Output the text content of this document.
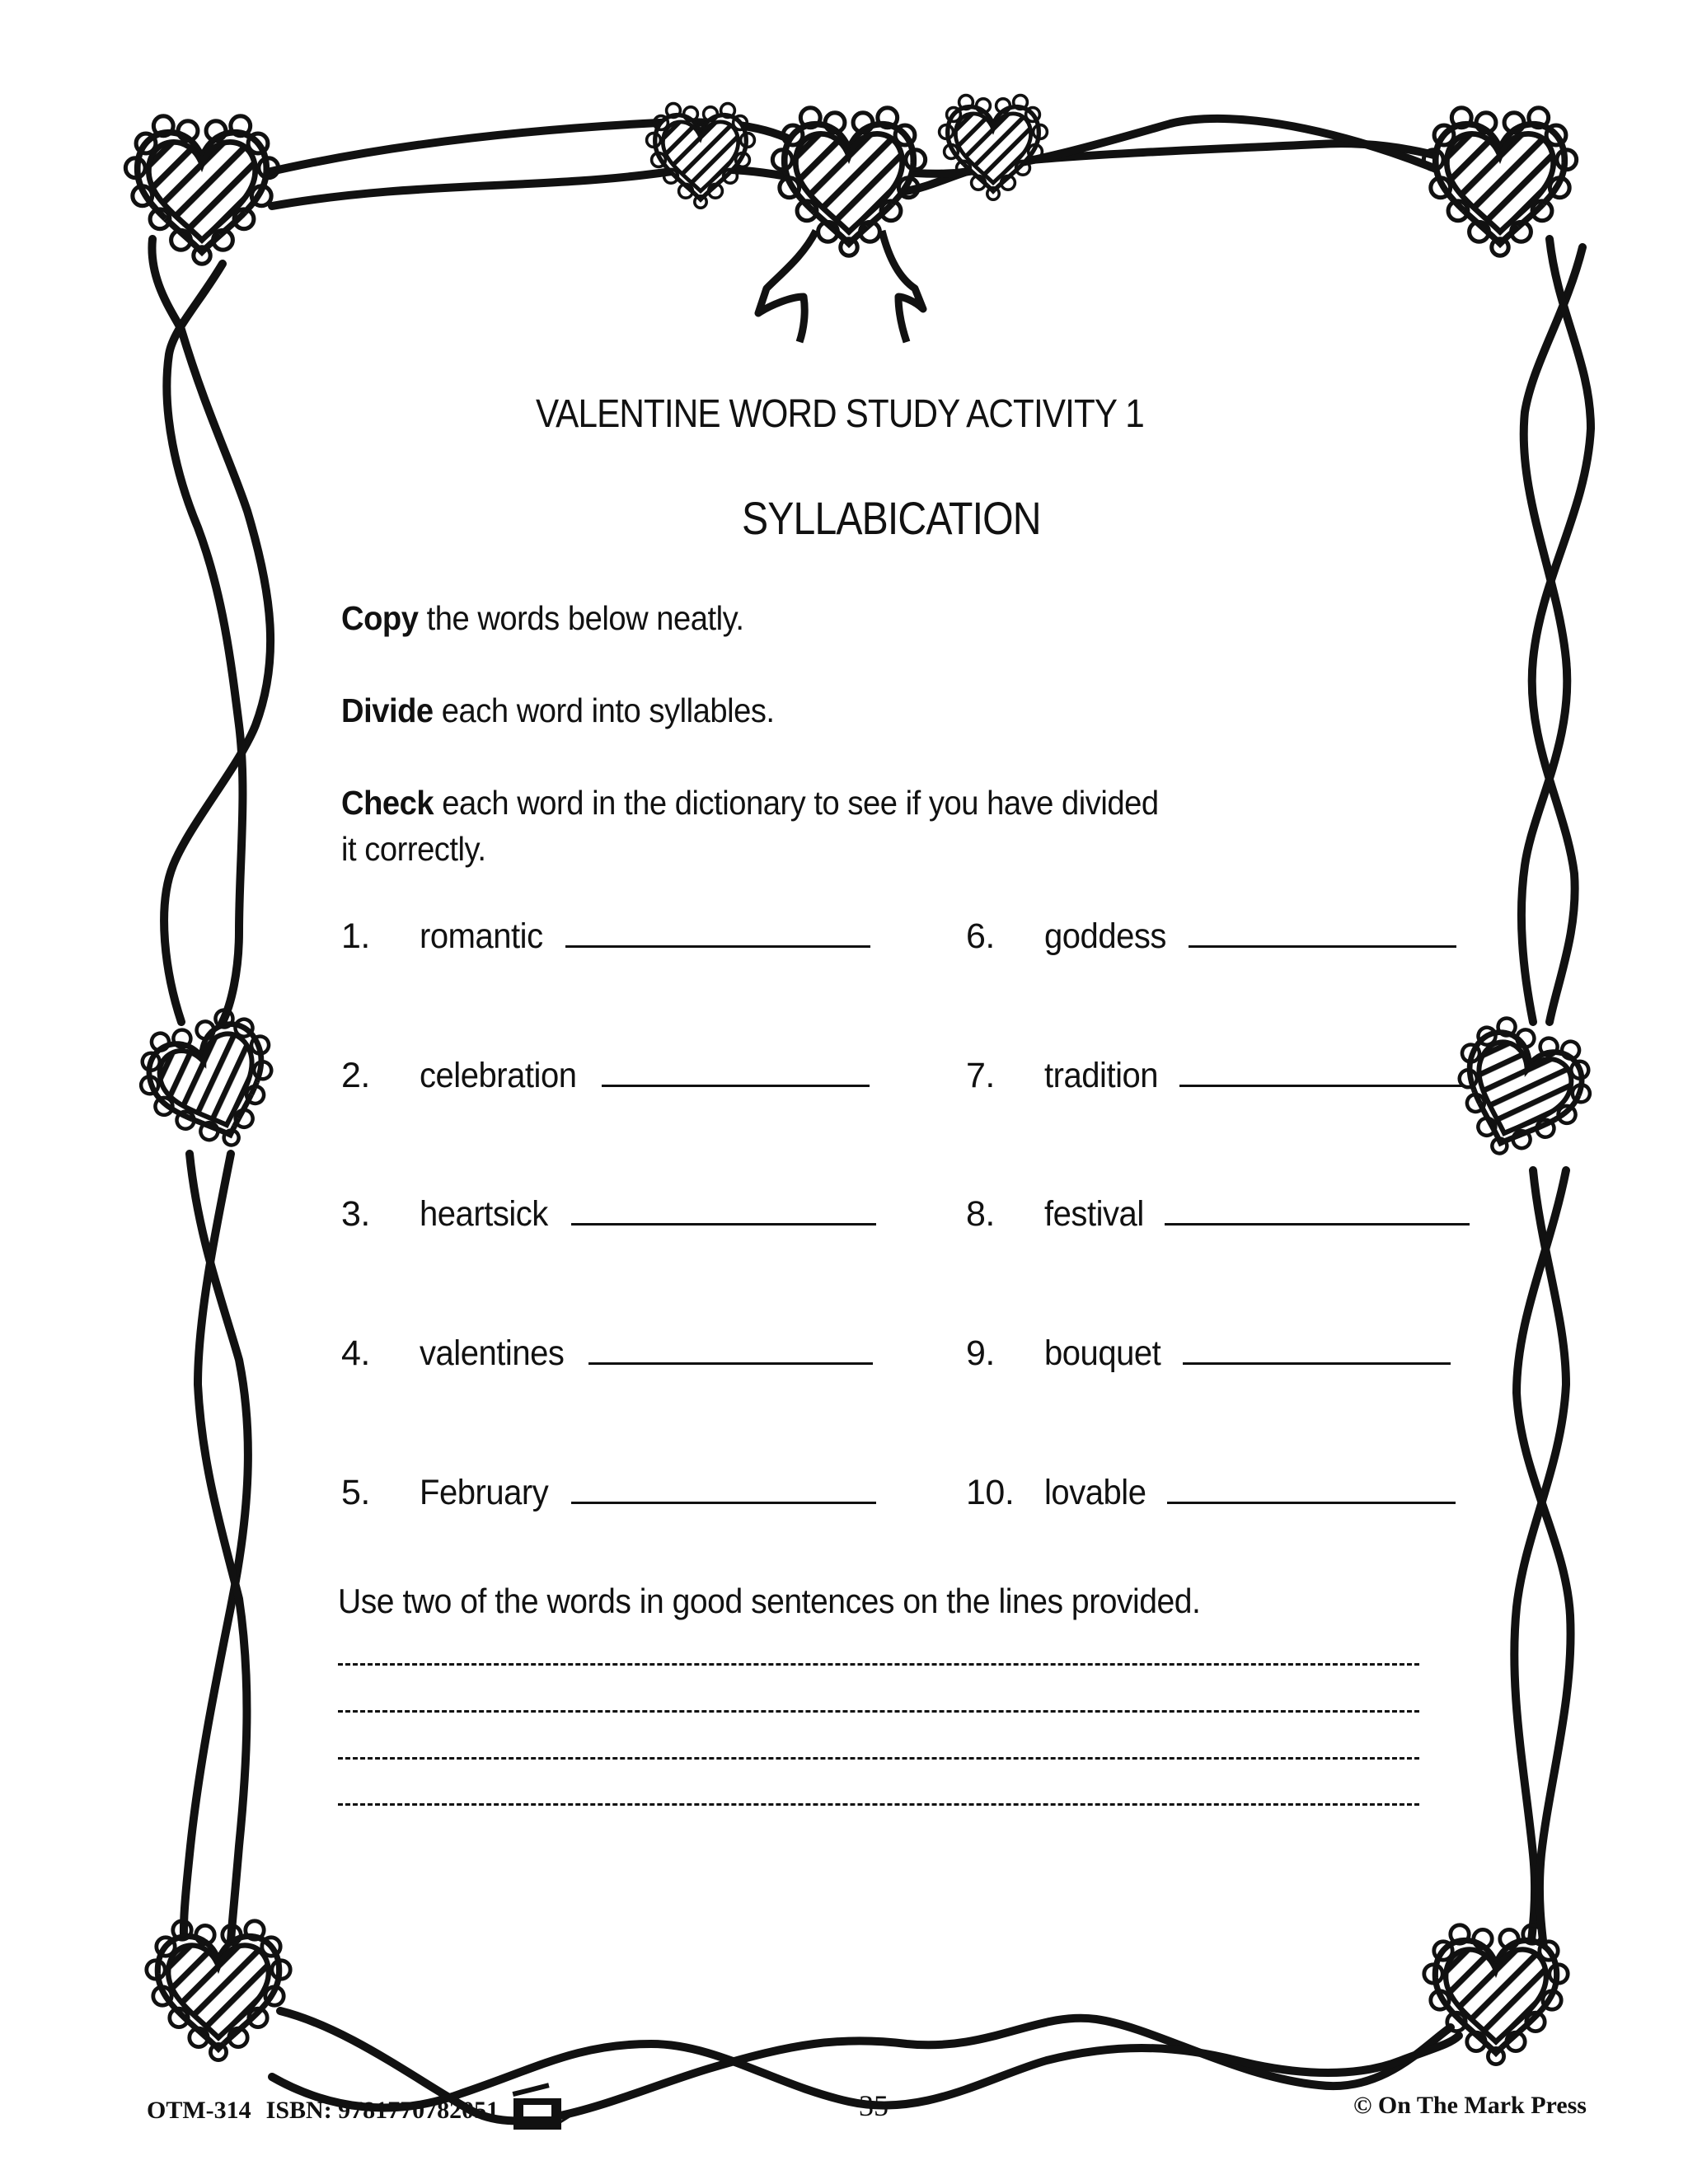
VALENTINE WORD STUDY ACTIVITY 1
SYLLABICATION
Copy the words below neatly.
Divide each word into syllables.
Check each word in the dictionary to see if you have divided
it correctly.
1.	romantic
2.	celebration
3.	heartsick
4.	valentines
5.	February
6.	goddess
7.	tradition
8.	festival
9.	bouquet
10. lovable
Use two of the words in good sentences on the lines provided.
OTM-314 ISBN: 9781770782051	35	© On The Mark Press
